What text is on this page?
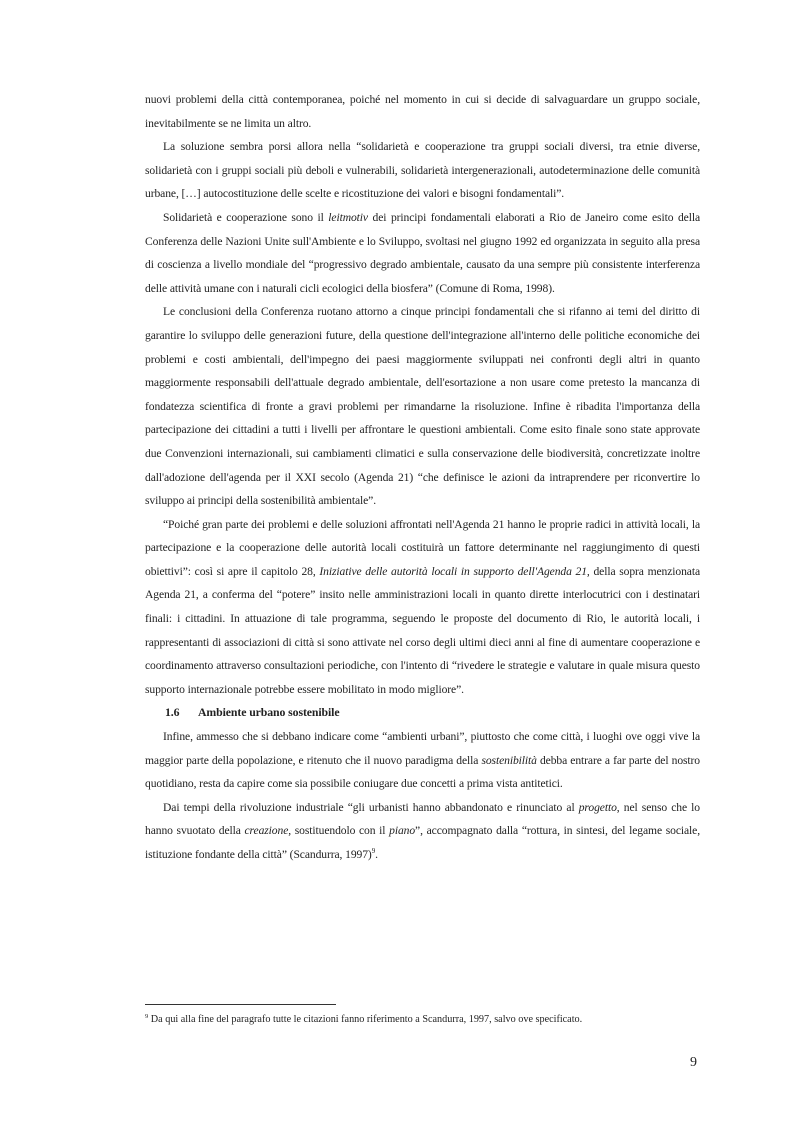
nuovi problemi della città contemporanea, poiché nel momento in cui si decide di salvaguardare un gruppo sociale, inevitabilmente se ne limita un altro.

La soluzione sembra porsi allora nella “solidarietà e cooperazione tra gruppi sociali diversi, tra etnie diverse, solidarietà con i gruppi sociali più deboli e vulnerabili, solidarietà intergenerazionali, autodeterminazione delle comunità urbane, […] autocostituzione delle scelte e ricostituzione dei valori e bisogni fondamentali”.

Solidarietà e cooperazione sono il leitmotiv dei principi fondamentali elaborati a Rio de Janeiro come esito della Conferenza delle Nazioni Unite sull'Ambiente e lo Sviluppo, svoltasi nel giugno 1992 ed organizzata in seguito alla presa di coscienza a livello mondiale del “progressivo degrado ambientale, causato da una sempre più consistente interferenza delle attività umane con i naturali cicli ecologici della biosfera” (Comune di Roma, 1998).

Le conclusioni della Conferenza ruotano attorno a cinque principi fondamentali che si rifanno ai temi del diritto di garantire lo sviluppo delle generazioni future, della questione dell'integrazione all'interno delle politiche economiche dei problemi e costi ambientali, dell'impegno dei paesi maggiormente sviluppati nei confronti degli altri in quanto maggiormente responsabili dell'attuale degrado ambientale, dell'esortazione a non usare come pretesto la mancanza di fondatezza scientifica di fronte a gravi problemi per rimandarne la risoluzione. Infine è ribadita l'importanza della partecipazione dei cittadini a tutti i livelli per affrontare le questioni ambientali. Come esito finale sono state approvate due Convenzioni internazionali, sui cambiamenti climatici e sulla conservazione delle biodiversità, concretizzate inoltre dall'adozione dell'agenda per il XXI secolo (Agenda 21) “che definisce le azioni da intraprendere per riconvertire lo sviluppo ai principi della sostenibilità ambientale”.

“Poiché gran parte dei problemi e delle soluzioni affrontati nell'Agenda 21 hanno le proprie radici in attività locali, la partecipazione e la cooperazione delle autorità locali costituirà un fattore determinante nel raggiungimento di questi obiettivi”: così si apre il capitolo 28, Iniziative delle autorità locali in supporto dell'Agenda 21, della sopra menzionata Agenda 21, a conferma del “potere” insito nelle amministrazioni locali in quanto dirette interlocutrici con i destinatari finali: i cittadini. In attuazione di tale programma, seguendo le proposte del documento di Rio, le autorità locali, i rappresentanti di associazioni di città si sono attivate nel corso degli ultimi dieci anni al fine di aumentare cooperazione e coordinamento attraverso consultazioni periodiche, con l'intento di “rivedere le strategie e valutare in quale misura questo supporto internazionale potrebbe essere mobilitato in modo migliore”.

1.6 Ambiente urbano sostenibile

Infine, ammesso che si debbano indicare come “ambienti urbani”, piuttosto che come città, i luoghi ove oggi vive la maggior parte della popolazione, e ritenuto che il nuovo paradigma della sostenibilità debba entrare a far parte del nostro quotidiano, resta da capire come sia possibile coniugare due concetti a prima vista antitetici.

Dai tempi della rivoluzione industriale “gli urbanisti hanno abbandonato e rinunciato al progetto, nel senso che lo hanno svuotato della creazione, sostituendolo con il piano”, accompagnato dalla “rottura, in sintesi, del legame sociale, istituzione fondante della città” (Scandurra, 1997)$^9$.

$^9$ Da qui alla fine del paragrafo tutte le citazioni fanno riferimento a Scandurra, 1997, salvo ove specificato.
9
